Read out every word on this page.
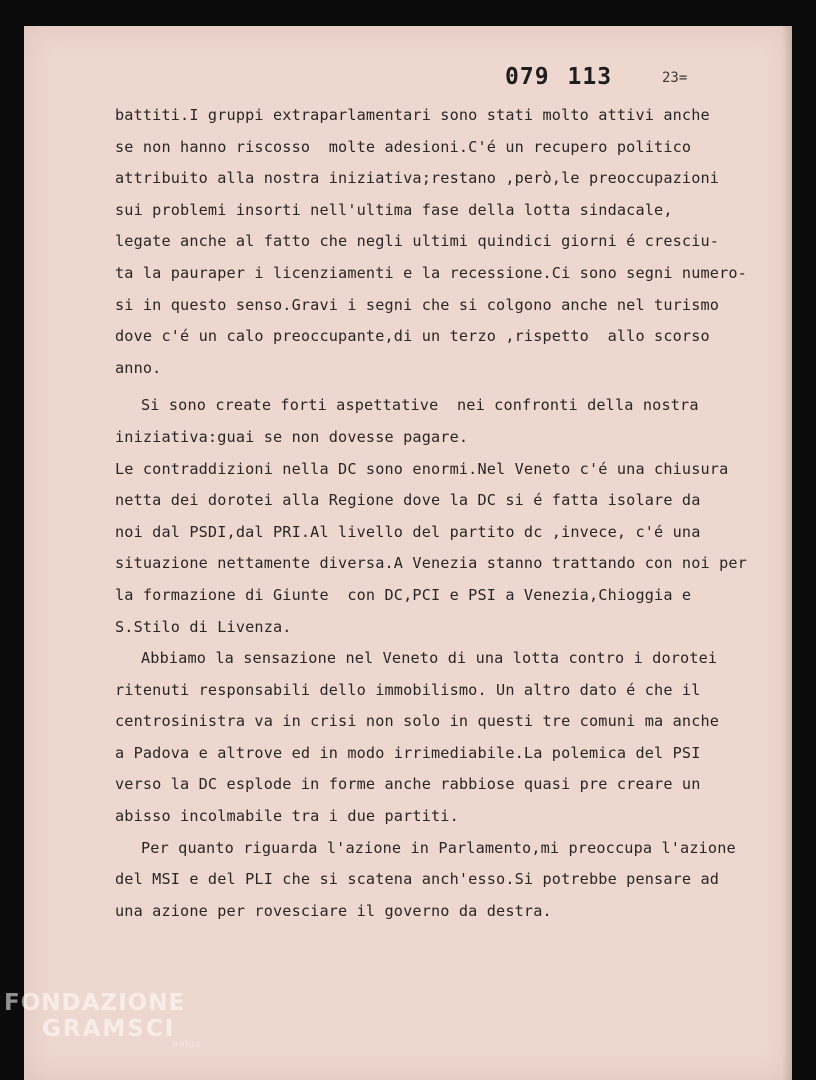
079 113	23=
battiti.I gruppi extraparlamentari sono stati molto attivi anche
se non hanno riscosso  molte adesioni.C'é un recupero politico
attribuito alla nostra iniziativa;restano ,però,le preoccupazioni
sui problemi insorti nell'ultima fase della lotta sindacale,
legate anche al fatto che negli ultimi quindici giorni é cresciu-
ta la pauraper i licenziamenti e la recessione.Ci sono segni numero-
si in questo senso.Gravi i segni che si colgono anche nel turismo
dove c'é un calo preoccupante,di un terzo ,rispetto  allo scorso
anno.
Si sono create forti aspettative  nei confronti della nostra
iniziativa:guai se non dovesse pagare.
Le contraddizioni nella DC sono enormi.Nel Veneto c'é una chiusura
netta dei dorotei alla Regione dove la DC si é fatta isolare da
noi dal PSDI,dal PRI.Al livello del partito dc ,invece, c'é una
situazione nettamente diversa.A Venezia stanno trattando con noi per
la formazione di Giunte  con DC,PCI e PSI a Venezia,Chioggia e
S.Stilo di Livenza.
Abbiamo la sensazione nel Veneto di una lotta contro i dorotei
ritenuti responsabili dello immobilismo. Un altro dato é che il
centrosinistra va in crisi non solo in questi tre comuni ma anche
a Padova e altrove ed in modo irrimediabile.La polemica del PSI
verso la DC esplode in forme anche rabbiose quasi pre creare un
abisso incolmabile tra i due partiti.
Per quanto riguarda l'azione in Parlamento,mi preoccupa l'azione
del MSI e del PLI che si scatena anch'esso.Si potrebbe pensare ad
una azione per rovesciare il governo da destra.
FONDAZIONE
GRAMSCI
onlus
